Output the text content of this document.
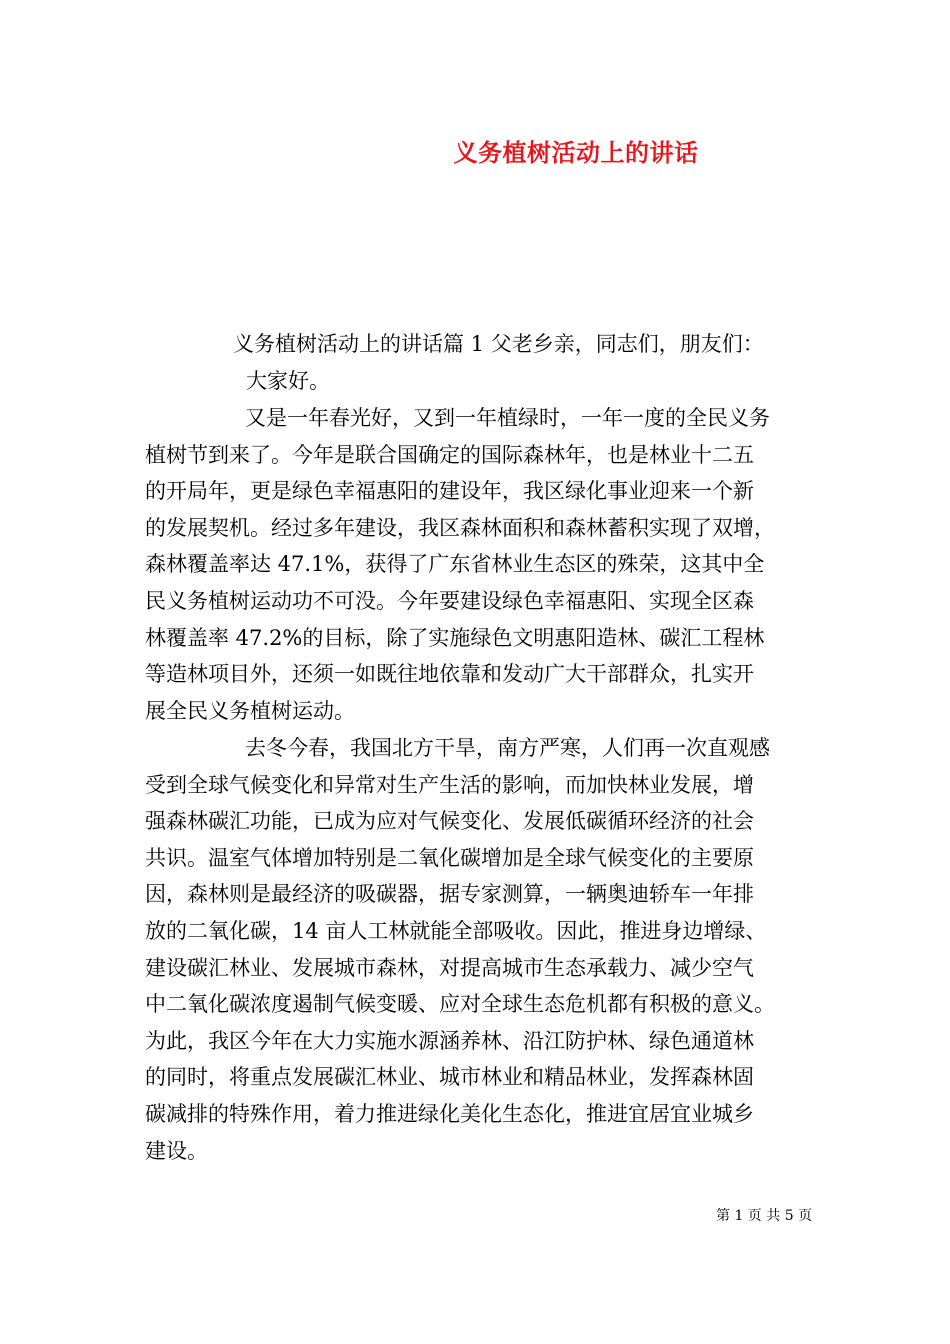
义务植树活动上的讲话

义务植树活动上的讲话篇 1 父老乡亲，同志们，朋友们：

大家好。

又是一年春光好，又到一年植绿时，一年一度的全民义务
植树节到来了。今年是联合国确定的国际森林年，也是林业十二五
的开局年，更是绿色幸福惠阳的建设年，我区绿化事业迎来一个新
的发展契机。经过多年建设，我区森林面积和森林蓄积实现了双增，
森林覆盖率达 47.1%，获得了广东省林业生态区的殊荣，这其中全
民义务植树运动功不可没。今年要建设绿色幸福惠阳、实现全区森
林覆盖率 47.2%的目标，除了实施绿色文明惠阳造林、碳汇工程林
等造林项目外，还须一如既往地依靠和发动广大干部群众，扎实开
展全民义务植树运动。

去冬今春，我国北方干旱，南方严寒，人们再一次直观感
受到全球气候变化和异常对生产生活的影响，而加快林业发展，增
强森林碳汇功能，已成为应对气候变化、发展低碳循环经济的社会
共识。温室气体增加特别是二氧化碳增加是全球气候变化的主要原
因，森林则是最经济的吸碳器，据专家测算，一辆奥迪轿车一年排
放的二氧化碳，14 亩人工林就能全部吸收。因此，推进身边增绿、
建设碳汇林业、发展城市森林，对提高城市生态承载力、减少空气
中二氧化碳浓度遏制气候变暖、应对全球生态危机都有积极的意义。
为此，我区今年在大力实施水源涵养林、沿江防护林、绿色通道林
的同时，将重点发展碳汇林业、城市林业和精品林业，发挥森林固
碳减排的特殊作用，着力推进绿化美化生态化，推进宜居宜业城乡
建设。

第 1 页 共 5 页
